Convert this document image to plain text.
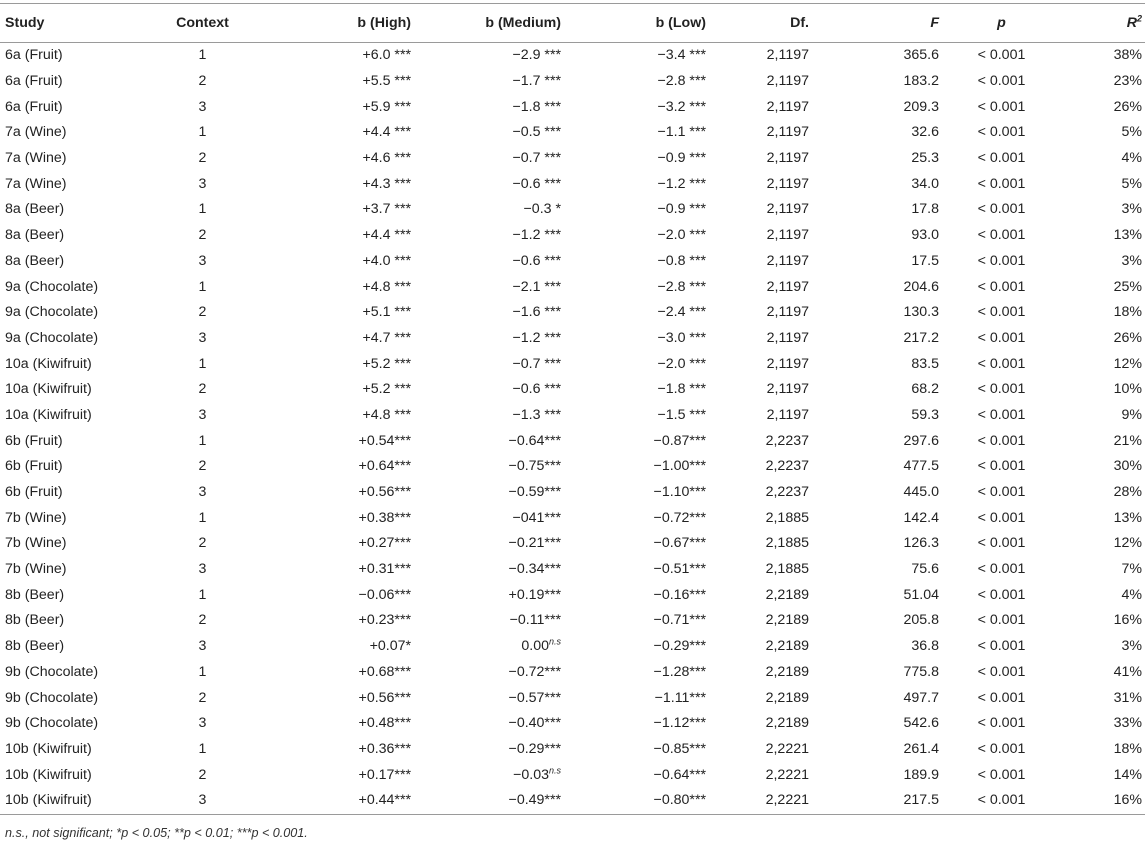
Study	Context	b (High)	b (Medium)	b (Low)	Df.	F	p	$R^2$
6a (Fruit)	1	+6.0 ***	−2.9 ***	−3.4 ***	2,1197	365.6	< 0.001	38%
6a (Fruit)	2	+5.5 ***	−1.7 ***	−2.8 ***	2,1197	183.2	< 0.001	23%
6a (Fruit)	3	+5.9 ***	−1.8 ***	−3.2 ***	2,1197	209.3	< 0.001	26%
7a (Wine)	1	+4.4 ***	−0.5 ***	−1.1 ***	2,1197	32.6	< 0.001	5%
7a (Wine)	2	+4.6 ***	−0.7 ***	−0.9 ***	2,1197	25.3	< 0.001	4%
7a (Wine)	3	+4.3 ***	−0.6 ***	−1.2 ***	2,1197	34.0	< 0.001	5%
8a (Beer)	1	+3.7 ***	−0.3 *	−0.9 ***	2,1197	17.8	< 0.001	3%
8a (Beer)	2	+4.4 ***	−1.2 ***	−2.0 ***	2,1197	93.0	< 0.001	13%
8a (Beer)	3	+4.0 ***	−0.6 ***	−0.8 ***	2,1197	17.5	< 0.001	3%
9a (Chocolate)	1	+4.8 ***	−2.1 ***	−2.8 ***	2,1197	204.6	< 0.001	25%
9a (Chocolate)	2	+5.1 ***	−1.6 ***	−2.4 ***	2,1197	130.3	< 0.001	18%
9a (Chocolate)	3	+4.7 ***	−1.2 ***	−3.0 ***	2,1197	217.2	< 0.001	26%
10a (Kiwifruit)	1	+5.2 ***	−0.7 ***	−2.0 ***	2,1197	83.5	< 0.001	12%
10a (Kiwifruit)	2	+5.2 ***	−0.6 ***	−1.8 ***	2,1197	68.2	< 0.001	10%
10a (Kiwifruit)	3	+4.8 ***	−1.3 ***	−1.5 ***	2,1197	59.3	< 0.001	9%
6b (Fruit)	1	+0.54***	−0.64***	−0.87***	2,2237	297.6	< 0.001	21%
6b (Fruit)	2	+0.64***	−0.75***	−1.00***	2,2237	477.5	< 0.001	30%
6b (Fruit)	3	+0.56***	−0.59***	−1.10***	2,2237	445.0	< 0.001	28%
7b (Wine)	1	+0.38***	−041***	−0.72***	2,1885	142.4	< 0.001	13%
7b (Wine)	2	+0.27***	−0.21***	−0.67***	2,1885	126.3	< 0.001	12%
7b (Wine)	3	+0.31***	−0.34***	−0.51***	2,1885	75.6	< 0.001	7%
8b (Beer)	1	−0.06***	+0.19***	−0.16***	2,2189	51.04	< 0.001	4%
8b (Beer)	2	+0.23***	−0.11***	−0.71***	2,2189	205.8	< 0.001	16%
8b (Beer)	3	+0.07*	$0.00^{n.s}$	−0.29***	2,2189	36.8	< 0.001	3%
9b (Chocolate)	1	+0.68***	−0.72***	−1.28***	2,2189	775.8	< 0.001	41%
9b (Chocolate)	2	+0.56***	−0.57***	−1.11***	2,2189	497.7	< 0.001	31%
9b (Chocolate)	3	+0.48***	−0.40***	−1.12***	2,2189	542.6	< 0.001	33%
10b (Kiwifruit)	1	+0.36***	−0.29***	−0.85***	2,2221	261.4	< 0.001	18%
10b (Kiwifruit)	2	+0.17***	$-0.03^{n.s}$	−0.64***	2,2221	189.9	< 0.001	14%
10b (Kiwifruit)	3	+0.44***	−0.49***	−0.80***	2,2221	217.5	< 0.001	16%
n.s., not significant; *p < 0.05; **p < 0.01; ***p < 0.001.
